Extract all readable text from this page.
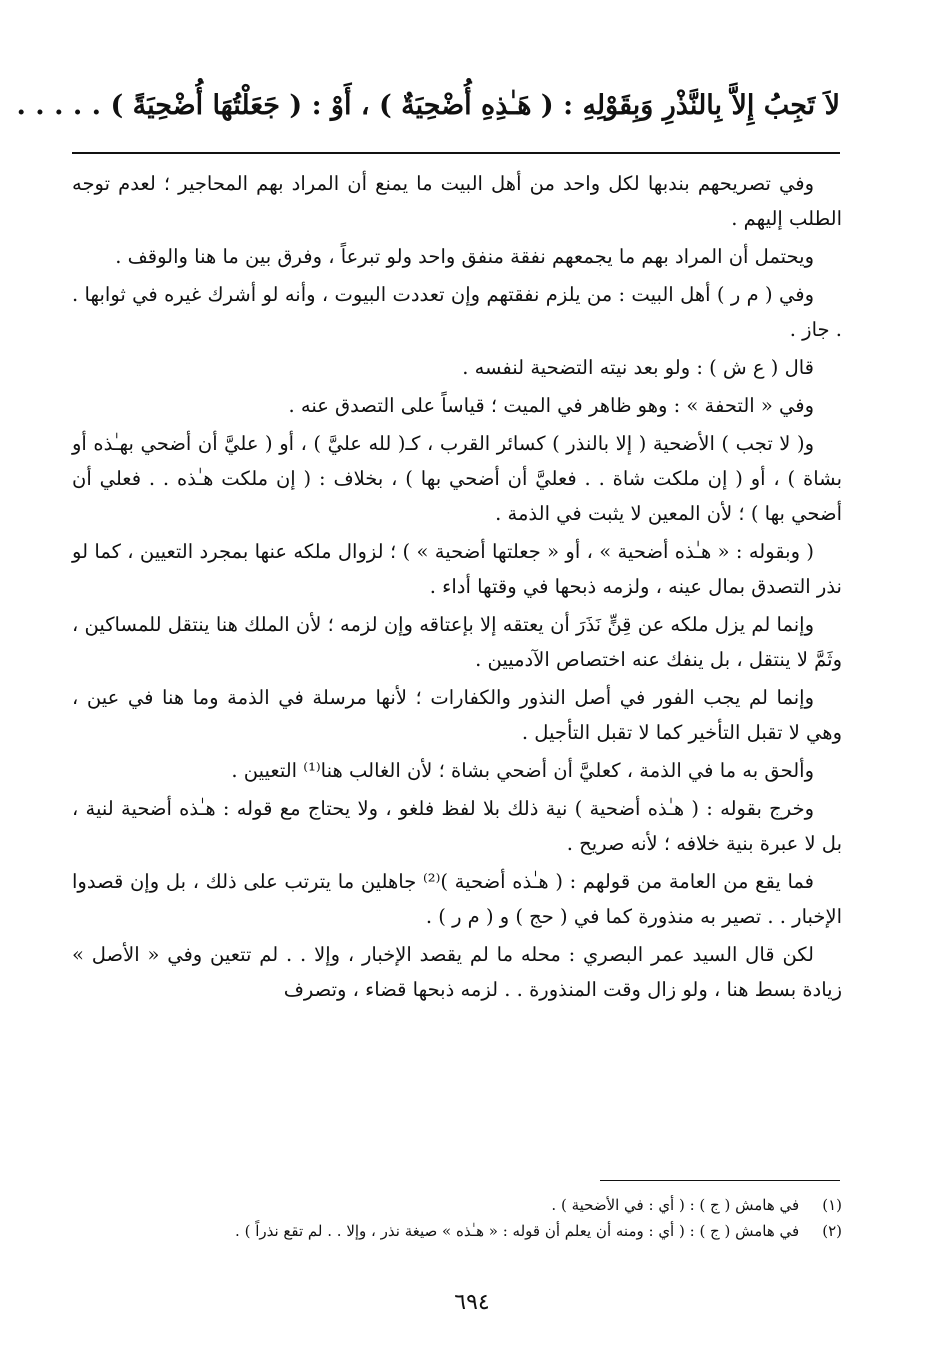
لاَ تَجِبُ إِلاَّ بِالنَّذْرِ وَبِقَوْلِهِ : ( هَـٰذِهِ أُضْحِيَةٌ ) ، أَوْ : ( جَعَلْتُهَا أُضْحِيَةً ) . . . . .

وفي تصريحهم بندبها لكل واحد من أهل البيت ما يمنع أن المراد بهم المحاجير ؛ لعدم توجه الطلب إليهم .

ويحتمل أن المراد بهم ما يجمعهم نفقة منفق واحد ولو تبرعاً ، وفرق بين ما هنا والوقف .

وفي ( م ر ) أهل البيت : من يلزم نفقتهم وإن تعددت البيوت ، وأنه لو أشرك غيره في ثوابها . . جاز .

قال ( ع ش ) : ولو بعد نيته التضحية لنفسه .

وفي « التحفة » : وهو ظاهر في الميت ؛ قياساً على التصدق عنه .

و( لا تجب ) الأضحية ( إلا بالنذر ) كسائر القرب ، كـ( لله عليَّ ) ، أو ( عليَّ أن أضحي بهـٰذه أو بشاة ) ، أو ( إن ملكت شاة . . فعليَّ أن أضحي بها ) ، بخلاف : ( إن ملكت هـٰذه . . فعلي أن أضحي بها ) ؛ لأن المعين لا يثبت في الذمة .

( وبقوله : « هـٰذه أضحية » ، أو « جعلتها أضحية » ) ؛ لزوال ملكه عنها بمجرد التعيين ، كما لو نذر التصدق بمال عينه ، ولزمه ذبحها في وقتها أداء .

وإنما لم يزل ملكه عن قِنٍّ نَذَرَ أن يعتقه إلا بإعتاقه وإن لزمه ؛ لأن الملك هنا ينتقل للمساكين ، وثَمَّ لا ينتقل ، بل ينفك عنه اختصاص الآدميين .

وإنما لم يجب الفور في أصل النذور والكفارات ؛ لأنها مرسلة في الذمة وما هنا في عين ، وهي لا تقبل التأخير كما لا تقبل التأجيل .

وألحق به ما في الذمة ، كعليَّ أن أضحي بشاة ؛ لأن الغالب هنا⁽¹⁾ التعيين .

وخرج بقوله : ( هـٰذه أضحية ) نية ذلك بلا لفظ فلغو ، ولا يحتاج مع قوله : هـٰذه أضحية لنية ، بل لا عبرة بنية خلافه ؛ لأنه صريح .

فما يقع من العامة من قولهم : ( هـٰذه أضحية )⁽²⁾ جاهلين ما يترتب على ذلك ، بل وإن قصدوا الإخبار . . تصير به منذورة كما في ( حج ) و ( م ر ) .

لكن قال السيد عمر البصري : محله ما لم يقصد الإخبار ، وإلا . . لم تتعين وفي « الأصل » زيادة بسط هنا ، ولو زال وقت المنذورة . . لزمه ذبحها قضاء ، وتصرف

(١) في هامش ( ج ) : ( أي : في الأضحية ) .
(٢) في هامش ( ج ) : ( أي : ومنه أن يعلم أن قوله : « هـٰذه » صيغة نذر ، وإلا . . لم تقع نذراً ) .
٦٩٤
